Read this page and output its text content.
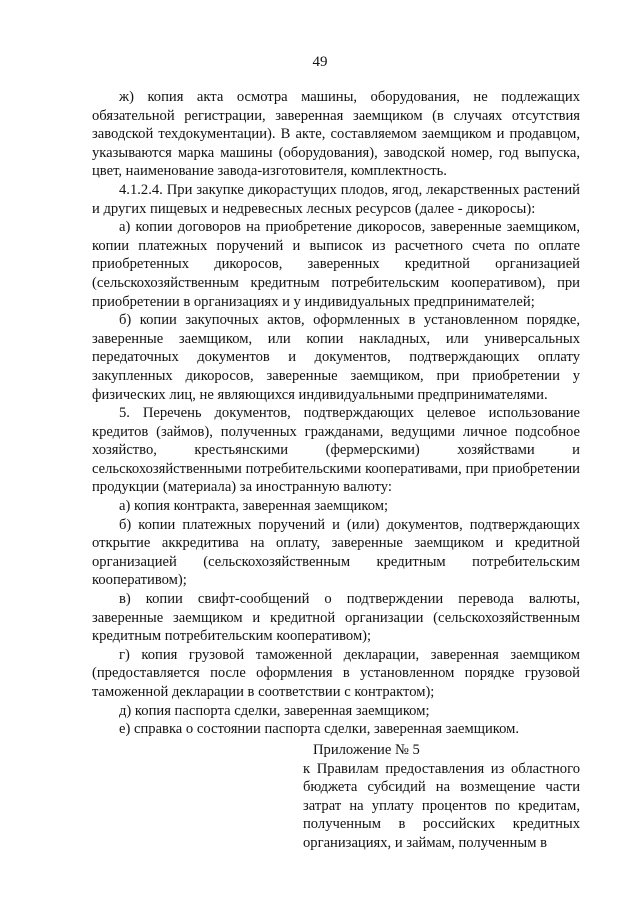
49

ж) копия акта осмотра машины, оборудования, не подлежащих обязательной регистрации, заверенная заемщиком (в случаях отсутствия заводской техдокументации). В акте, составляемом заемщиком и продавцом, указываются марка машины (оборудования), заводской номер, год выпуска, цвет, наименование завода-изготовителя, комплектность.

4.1.2.4. При закупке дикорастущих плодов, ягод, лекарственных растений и других пищевых и недревесных лесных ресурсов (далее - дикоросы):

а) копии договоров на приобретение дикоросов, заверенные заемщиком, копии платежных поручений и выписок из расчетного счета по оплате приобретенных дикоросов, заверенных кредитной организацией (сельскохозяйственным кредитным потребительским кооперативом), при приобретении в организациях и у индивидуальных предпринимателей;

б) копии закупочных актов, оформленных в установленном порядке, заверенные заемщиком, или копии накладных, или универсальных передаточных документов и документов, подтверждающих оплату закупленных дикоросов, заверенные заемщиком, при приобретении у физических лиц, не являющихся индивидуальными предпринимателями.

5. Перечень документов, подтверждающих целевое использование кредитов (займов), полученных гражданами, ведущими личное подсобное хозяйство, крестьянскими (фермерскими) хозяйствами и сельскохозяйственными потребительскими кооперативами, при приобретении продукции (материала) за иностранную валюту:

а) копия контракта, заверенная заемщиком;

б) копии платежных поручений и (или) документов, подтверждающих открытие аккредитива на оплату, заверенные заемщиком и кредитной организацией (сельскохозяйственным кредитным потребительским кооперативом);

в) копии свифт-сообщений о подтверждении перевода валюты, заверенные заемщиком и кредитной организации (сельскохозяйственным кредитным потребительским кооперативом);

г) копия грузовой таможенной декларации, заверенная заемщиком (предоставляется после оформления в установленном порядке грузовой таможенной декларации в соответствии с контрактом);

д) копия паспорта сделки, заверенная заемщиком;

е) справка о состоянии паспорта сделки, заверенная заемщиком.

Приложение № 5

к Правилам предоставления из областного бюджета субсидий на возмещение части затрат на уплату процентов по кредитам, полученным в российских кредитных организациях, и займам, полученным в
